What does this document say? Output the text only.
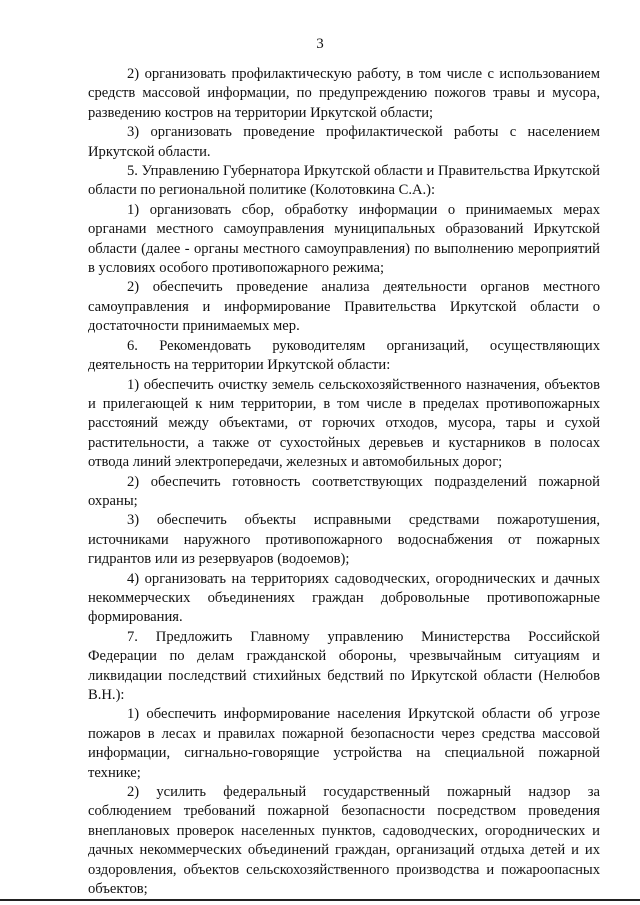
3

2) организовать профилактическую работу, в том числе с использованием средств массовой информации, по предупреждению пожогов травы и мусора, разведению костров на территории Иркутской области;

3) организовать проведение профилактической работы с населением Иркутской области.

5. Управлению Губернатора Иркутской области и Правительства Иркутской области по региональной политике (Колотовкина С.А.):

1) организовать сбор, обработку информации о принимаемых мерах органами местного самоуправления муниципальных образований Иркутской области (далее - органы местного самоуправления) по выполнению мероприятий в условиях особого противопожарного режима;

2) обеспечить проведение анализа деятельности органов местного самоуправления и информирование Правительства Иркутской области о достаточности принимаемых мер.

6. Рекомендовать руководителям организаций, осуществляющих деятельность на территории Иркутской области:

1) обеспечить очистку земель сельскохозяйственного назначения, объектов и прилегающей к ним территории, в том числе в пределах противопожарных расстояний между объектами, от горючих отходов, мусора, тары и сухой растительности, а также от сухостойных деревьев и кустарников в полосах отвода линий электропередачи, железных и автомобильных дорог;

2) обеспечить готовность соответствующих подразделений пожарной охраны;

3) обеспечить объекты исправными средствами пожаротушения, источниками наружного противопожарного водоснабжения от пожарных гидрантов или из резервуаров (водоемов);

4) организовать на территориях садоводческих, огороднических и дачных некоммерческих объединениях граждан добровольные противопожарные формирования.

7. Предложить Главному управлению Министерства Российской Федерации по делам гражданской обороны, чрезвычайным ситуациям и ликвидации последствий стихийных бедствий по Иркутской области (Нелюбов В.Н.):

1) обеспечить информирование населения Иркутской области об угрозе пожаров в лесах и правилах пожарной безопасности через средства массовой информации, сигнально-говорящие устройства на специальной пожарной технике;

2) усилить федеральный государственный пожарный надзор за соблюдением требований пожарной безопасности посредством проведения внеплановых проверок населенных пунктов, садоводческих, огороднических и дачных некоммерческих объединений граждан, организаций отдыха детей и их оздоровления, объектов сельскохозяйственного производства и пожароопасных объектов;
